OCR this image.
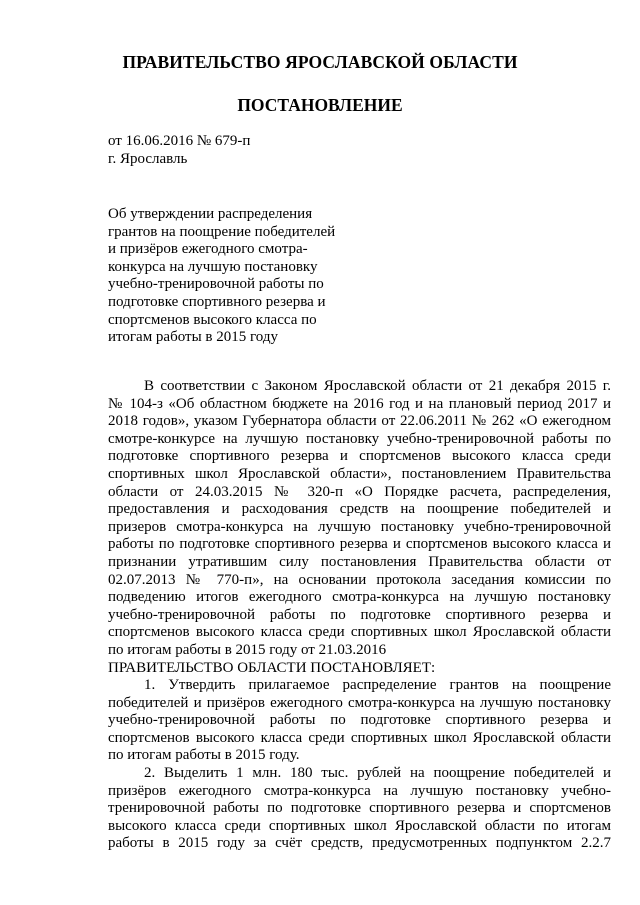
ПРАВИТЕЛЬСТВО ЯРОСЛАВСКОЙ ОБЛАСТИ
ПОСТАНОВЛЕНИЕ
от 16.06.2016 № 679-п
г. Ярославль
Об утверждении распределения
грантов на поощрение победителей
и призёров ежегодного смотра-
конкурса на лучшую постановку
учебно-тренировочной работы по
подготовке спортивного резерва и
спортсменов высокого класса по
итогам работы в 2015 году
В соответствии с Законом Ярославской области от 21 декабря 2015 г.
№ 104-з «Об областном бюджете на 2016 год и на плановый период 2017 и
2018 годов», указом Губернатора области от 22.06.2011 № 262 «О ежегодном
смотре-конкурсе на лучшую постановку учебно-тренировочной работы по
подготовке спортивного резерва и спортсменов высокого класса среди
спортивных школ Ярославской области», постановлением Правительства
области от 24.03.2015 № 320-п «О Порядке расчета, распределения,
предоставления и расходования средств на поощрение победителей и
призеров смотра-конкурса на лучшую постановку учебно-тренировочной
работы по подготовке спортивного резерва и спортсменов высокого класса и
признании утратившим силу постановления Правительства области от
02.07.2013 № 770-п», на основании протокола заседания комиссии по
подведению итогов ежегодного смотра-конкурса на лучшую постановку
учебно-тренировочной работы по подготовке спортивного резерва и
спортсменов высокого класса среди спортивных школ Ярославской области
по итогам работы в 2015 году от 21.03.2016
ПРАВИТЕЛЬСТВО ОБЛАСТИ ПОСТАНОВЛЯЕТ:
1. Утвердить прилагаемое распределение грантов на поощрение
победителей и призёров ежегодного смотра-конкурса на лучшую постановку
учебно-тренировочной работы по подготовке спортивного резерва и
спортсменов высокого класса среди спортивных школ Ярославской области
по итогам работы в 2015 году.
2. Выделить 1 млн. 180 тыс. рублей на поощрение победителей и
призёров ежегодного смотра-конкурса на лучшую постановку учебно-
тренировочной работы по подготовке спортивного резерва и спортсменов
высокого класса среди спортивных школ Ярославской области по итогам
работы в 2015 году за счёт средств, предусмотренных подпунктом 2.2.7
